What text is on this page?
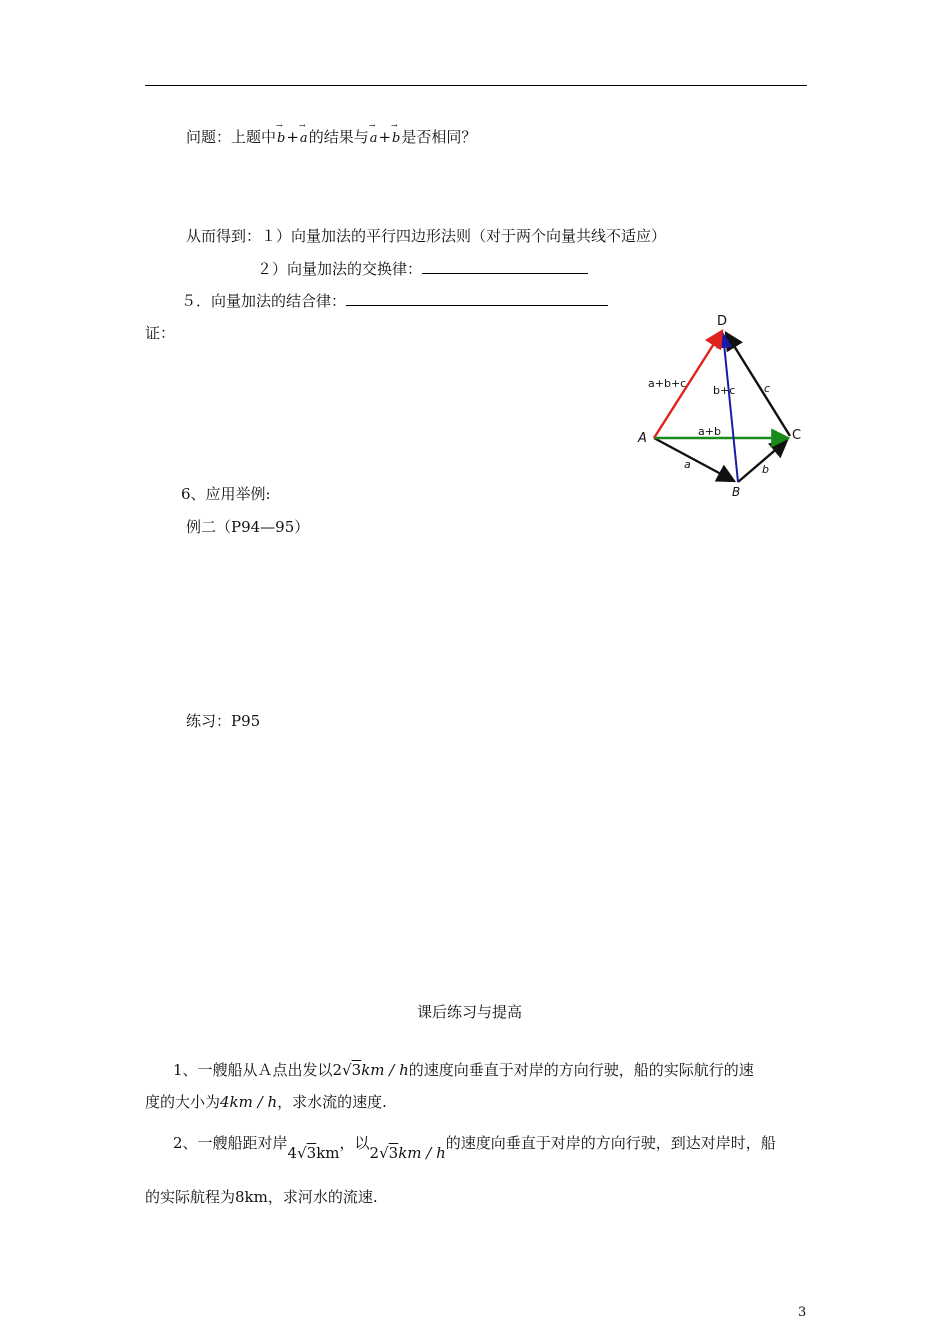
问题：上题中→ b+→ a的结果与→ a+→ b是否相同？
从而得到：１）向量加法的平行四边形法则（对于两个向量共线不适应）
２）向量加法的交换律：
５．向量加法的结合律：
证：
D
A	C
B
a+b+c
b+c
a+b
a	b
c
6、应用举例:
例二（P94—95）
练习：P95
课后练习与提高
1、一艘船从Ａ点出发以2√3km / h的速度向垂直于对岸的方向行驶，船的实际航行的速
度的大小为4km / h，求水流的速度.
2、一艘船距对岸4√3km，以2√3km / h的速度向垂直于对岸的方向行驶，到达对岸时，船
的实际航程为8km，求河水的流速.
3
